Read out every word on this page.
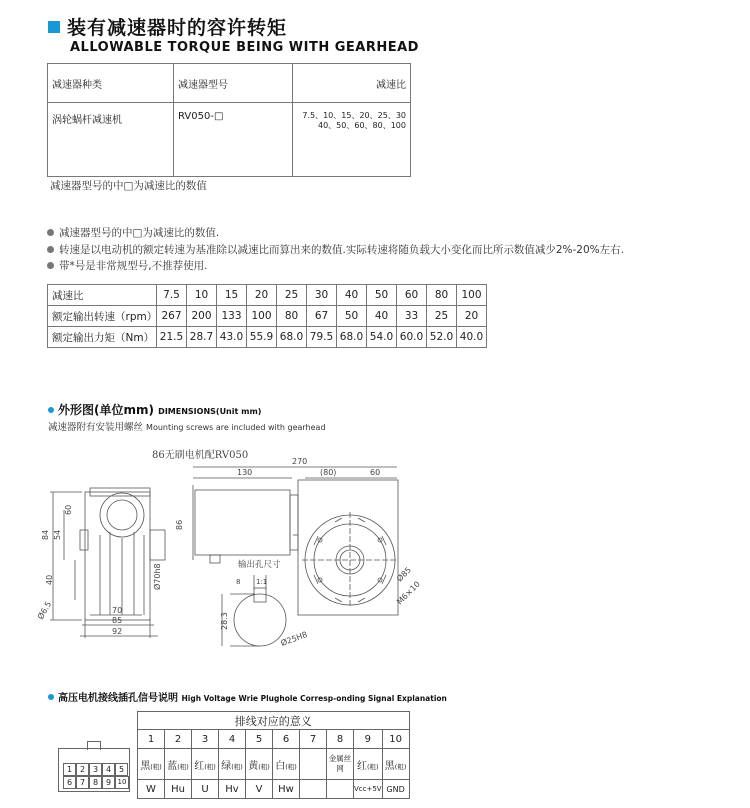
装有减速器时的容许转矩
ALLOWABLE TORQUE BEING WITH GEARHEAD
减速器种类	减速器型号	减速比
涡轮蜗杆减速机	RV050-□	7.5、10、15、20、25、30
40、50、60、80、100
减速器型号的中□为减速比的数值
减速器型号的中□为减速比的数值.
转速是以电动机的额定转速为基准除以减速比而算出来的数值.实际转速将随负载大小变化而比所示数值减少2%-20%左右.
带*号是非常规型号,不推荐使用.
减速比	7.5	10	15	20	25	30	40	50	60	80	100
额定输出转速（rpm）	267	200	133	100	80	67	50	40	33	25	20
额定输出力矩（Nm）	21.5	28.7	43.0	55.9	68.0	79.5	68.0	54.0	60.0	52.0	40.0
外形图(单位mm) DIMENSIONS(Unit mm)
减速器附有安装用螺丝 Mounting screws are included with gearhead
86无刷电机配RV050
84 54
60
40
70
85
92
Ø6.5
270
130	(80)	60
86
Ø70h8	Ø85
M6×10
输出孔尺寸
8 1:1
28.3
Ø25H8
高压电机接线插孔信号说明 High Voltage Wrie Plughole Corresp-onding Signal Explanation
1 2 3 4 5
6 7 8 9 10
排线对应的意义									
1	2	3	4	5	6	7	8	9	10
黑(粗)	蓝(粗)	红(粗)	绿(粗)	黄(粗)	白(粗)		金属丝网	红(粗)	黑(粗)
W	Hu	U	Hv	V	Hw			Vcc+5V	GND
